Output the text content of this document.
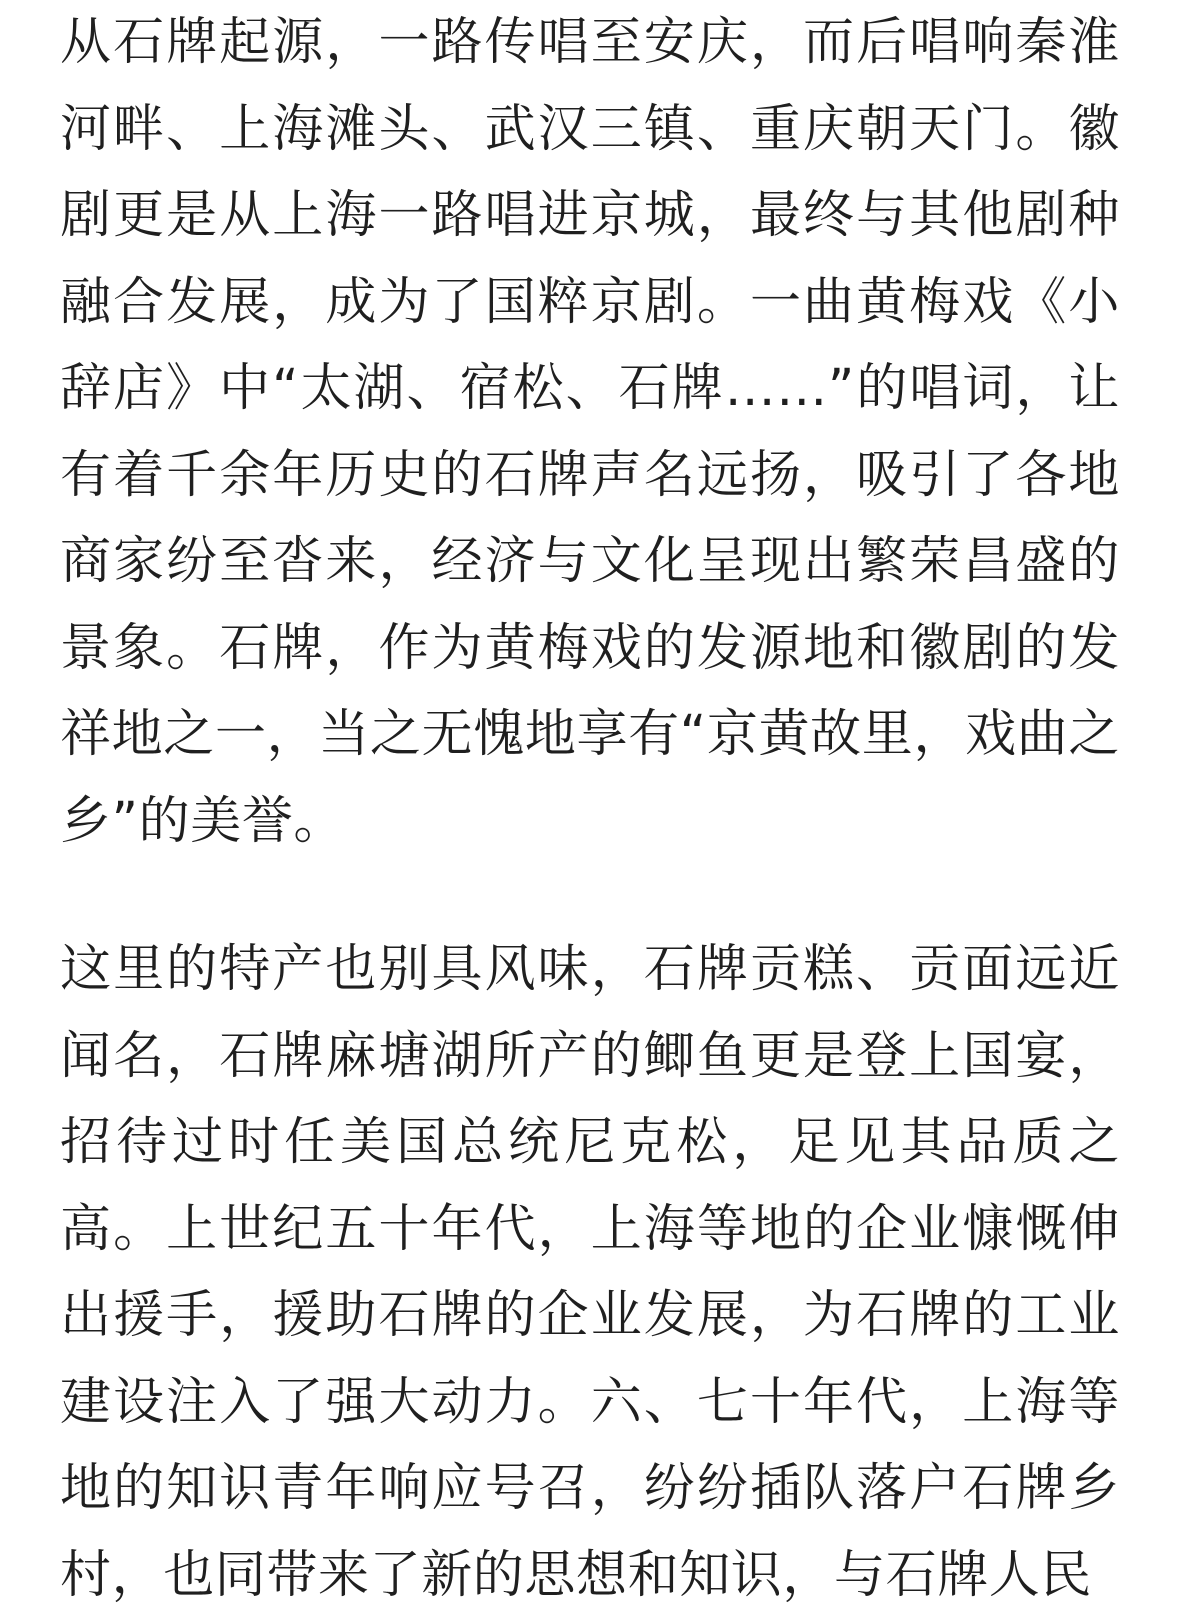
从石牌起源，一路传唱至安庆，而后唱响秦淮河畔、上海滩头、武汉三镇、重庆朝天门。徽剧更是从上海一路唱进京城，最终与其他剧种融合发展，成为了国粹京剧。一曲黄梅戏《小辞店》中“太湖、宿松、石牌……”的唱词，让有着千余年历史的石牌声名远扬，吸引了各地商家纷至沓来，经济与文化呈现出繁荣昌盛的景象。石牌，作为黄梅戏的发源地和徽剧的发祥地之一，当之无愧地享有“京黄故里，戏曲之乡”的美誉。

这里的特产也别具风味，石牌贡糕、贡面远近闻名，石牌麻塘湖所产的鲫鱼更是登上国宴，招待过时任美国总统尼克松，足见其品质之高。上世纪五十年代，上海等地的企业慷慨伸出援手，援助石牌的企业发展，为石牌的工业建设注入了强大动力。六、七十年代，上海等地的知识青年响应号召，纷纷插队落户石牌乡村，也同带来了新的思想和知识，与石牌人民
